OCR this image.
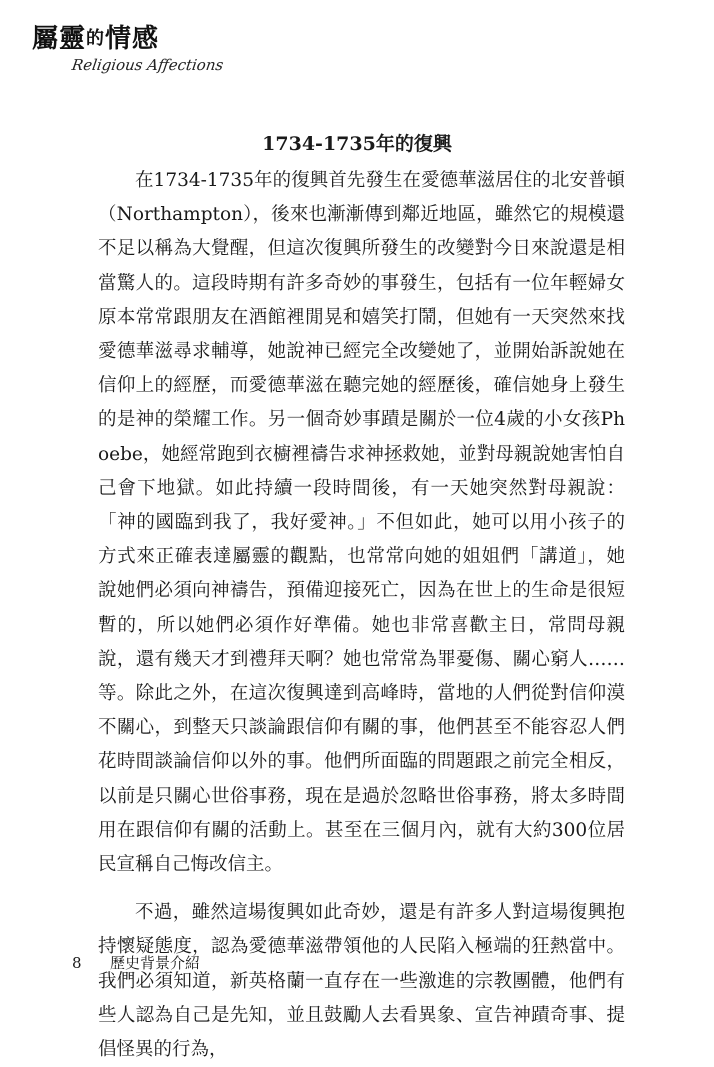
屬靈的情感
Religious Affections
1734-1735年的復興

在1734-1735年的復興首先發生在愛德華滋居住的北安普頓（Northampton），後來也漸漸傳到鄰近地區，雖然它的規模還不足以稱為大覺醒，但這次復興所發生的改變對今日來說還是相當驚人的。這段時期有許多奇妙的事發生，包括有一位年輕婦女原本常常跟朋友在酒館裡閒晃和嬉笑打鬧，但她有一天突然來找愛德華滋尋求輔導，她說神已經完全改變她了，並開始訴說她在信仰上的經歷，而愛德華滋在聽完她的經歷後，確信她身上發生的是神的榮耀工作。另一個奇妙事蹟是關於一位4歲的小女孩Phoebe，她經常跑到衣櫥裡禱告求神拯救她，並對母親說她害怕自己會下地獄。如此持續一段時間後，有一天她突然對母親說：「神的國臨到我了，我好愛神。」不但如此，她可以用小孩子的方式來正確表達屬靈的觀點，也常常向她的姐姐們「講道」，她說她們必須向神禱告，預備迎接死亡，因為在世上的生命是很短暫的，所以她們必須作好準備。她也非常喜歡主日，常問母親說，還有幾天才到禮拜天啊？她也常常為罪憂傷、關心窮人……等。除此之外，在這次復興達到高峰時，當地的人們從對信仰漠不關心，到整天只談論跟信仰有關的事，他們甚至不能容忍人們花時間談論信仰以外的事。他們所面臨的問題跟之前完全相反，以前是只關心世俗事務，現在是過於忽略世俗事務，將太多時間用在跟信仰有關的活動上。甚至在三個月內，就有大約300位居民宣稱自己悔改信主。

不過，雖然這場復興如此奇妙，還是有許多人對這場復興抱持懷疑態度，認為愛德華滋帶領他的人民陷入極端的狂熱當中。我們必須知道，新英格蘭一直存在一些激進的宗教團體，他們有些人認為自己是先知，並且鼓勵人去看異象、宣告神蹟奇事、提倡怪異的行為，

8 歷史背景介紹
